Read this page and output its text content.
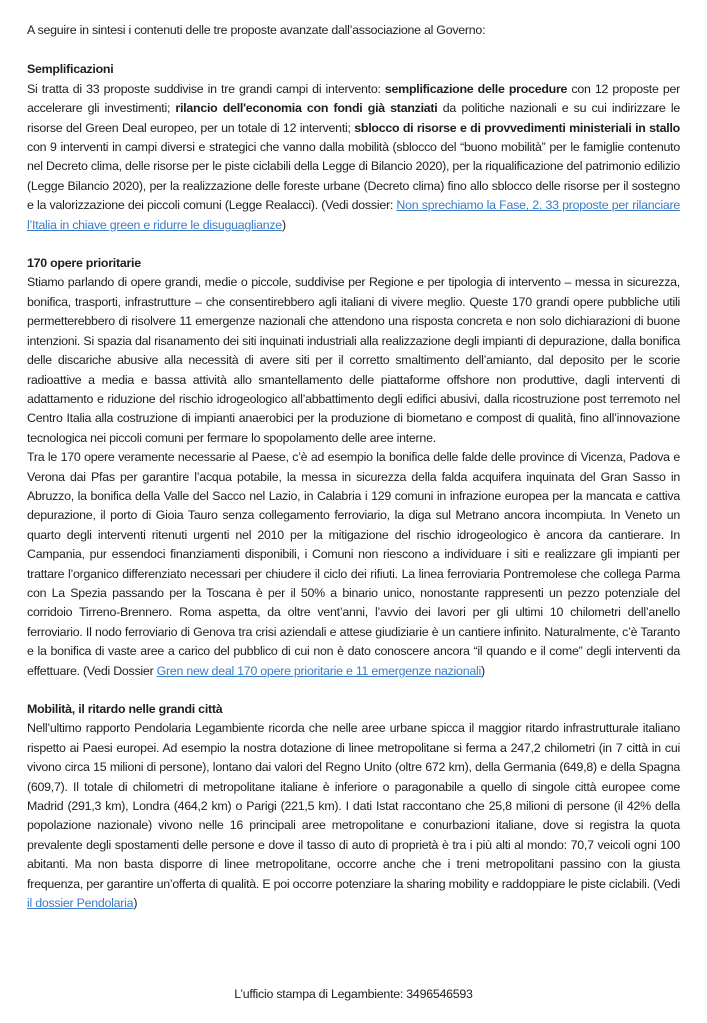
A seguire in sintesi i contenuti delle tre proposte avanzate dall’associazione al Governo:

Semplificazioni

Si tratta di 33 proposte suddivise in tre grandi campi di intervento: semplificazione delle procedure con 12 proposte per accelerare gli investimenti; rilancio dell'economia con fondi già stanziati da politiche nazionali e su cui indirizzare le risorse del Green Deal europeo, per un totale di 12 interventi; sblocco di risorse e di provvedimenti ministeriali in stallo con 9 interventi in campi diversi e strategici che vanno dalla mobilità (sblocco del “buono mobilità” per le famiglie contenuto nel Decreto clima, delle risorse per le piste ciclabili della Legge di Bilancio 2020), per la riqualificazione del patrimonio edilizio (Legge Bilancio 2020), per la realizzazione delle foreste urbane (Decreto clima) fino allo sblocco delle risorse per il sostegno e la valorizzazione dei piccoli comuni (Legge Realacci). (Vedi dossier: Non sprechiamo la Fase, 2. 33 proposte per rilanciare l’Italia in chiave green e ridurre le disuguaglianze)

170 opere prioritarie

Stiamo parlando di opere grandi, medie o piccole, suddivise per Regione e per tipologia di intervento – messa in sicurezza, bonifica, trasporti, infrastrutture – che consentirebbero agli italiani di vivere meglio. Queste 170 grandi opere pubbliche utili permetterebbero di risolvere 11 emergenze nazionali che attendono una risposta concreta e non solo dichiarazioni di buone intenzioni. Si spazia dal risanamento dei siti inquinati industriali alla realizzazione degli impianti di depurazione, dalla bonifica delle discariche abusive alla necessità di avere siti per il corretto smaltimento dell’amianto, dal deposito per le scorie radioattive a media e bassa attività allo smantellamento delle piattaforme offshore non produttive, dagli interventi di adattamento e riduzione del rischio idrogeologico all’abbattimento degli edifici abusivi, dalla ricostruzione post terremoto nel Centro Italia alla costruzione di impianti anaerobici per la produzione di biometano e compost di qualità, fino all’innovazione tecnologica nei piccoli comuni per fermare lo spopolamento delle aree interne.

Tra le 170 opere veramente necessarie al Paese, c’è ad esempio la bonifica delle falde delle province di Vicenza, Padova e Verona dai Pfas per garantire l’acqua potabile, la messa in sicurezza della falda acquifera inquinata del Gran Sasso in Abruzzo, la bonifica della Valle del Sacco nel Lazio, in Calabria i 129 comuni in infrazione europea per la mancata e cattiva depurazione, il porto di Gioia Tauro senza collegamento ferroviario, la diga sul Metrano ancora incompiuta. In Veneto un quarto degli interventi ritenuti urgenti nel 2010 per la mitigazione del rischio idrogeologico è ancora da cantierare. In Campania, pur essendoci finanziamenti disponibili, i Comuni non riescono a individuare i siti e realizzare gli impianti per trattare l’organico differenziato necessari per chiudere il ciclo dei rifiuti. La linea ferroviaria Pontremolese che collega Parma con La Spezia passando per la Toscana è per il 50% a binario unico, nonostante rappresenti un pezzo potenziale del corridoio Tirreno-Brennero. Roma aspetta, da oltre vent’anni, l’avvio dei lavori per gli ultimi 10 chilometri dell’anello ferroviario. Il nodo ferroviario di Genova tra crisi aziendali e attese giudiziarie è un cantiere infinito. Naturalmente, c’è Taranto e la bonifica di vaste aree a carico del pubblico di cui non è dato conoscere ancora “il quando e il come” degli interventi da effettuare. (Vedi Dossier Gren new deal 170 opere prioritarie e 11 emergenze nazionali)

Mobilità, il ritardo nelle grandi città

Nell’ultimo rapporto Pendolaria Legambiente ricorda che nelle aree urbane spicca il maggior ritardo infrastrutturale italiano rispetto ai Paesi europei. Ad esempio la nostra dotazione di linee metropolitane si ferma a 247,2 chilometri (in 7 città in cui vivono circa 15 milioni di persone), lontano dai valori del Regno Unito (oltre 672 km), della Germania (649,8) e della Spagna (609,7). Il totale di chilometri di metropolitane italiane è inferiore o paragonabile a quello di singole città europee come Madrid (291,3 km), Londra (464,2 km) o Parigi (221,5 km). I dati Istat raccontano che 25,8 milioni di persone (il 42% della popolazione nazionale) vivono nelle 16 principali aree metropolitane e conurbazioni italiane, dove si registra la quota prevalente degli spostamenti delle persone e dove il tasso di auto di proprietà è tra i più alti al mondo: 70,7 veicoli ogni 100 abitanti. Ma non basta disporre di linee metropolitane, occorre anche che i treni metropolitani passino con la giusta frequenza, per garantire un’offerta di qualità. E poi occorre potenziare la sharing mobility e raddoppiare le piste ciclabili. (Vedi il dossier Pendolaria)

L’ufficio stampa di Legambiente: 3496546593
